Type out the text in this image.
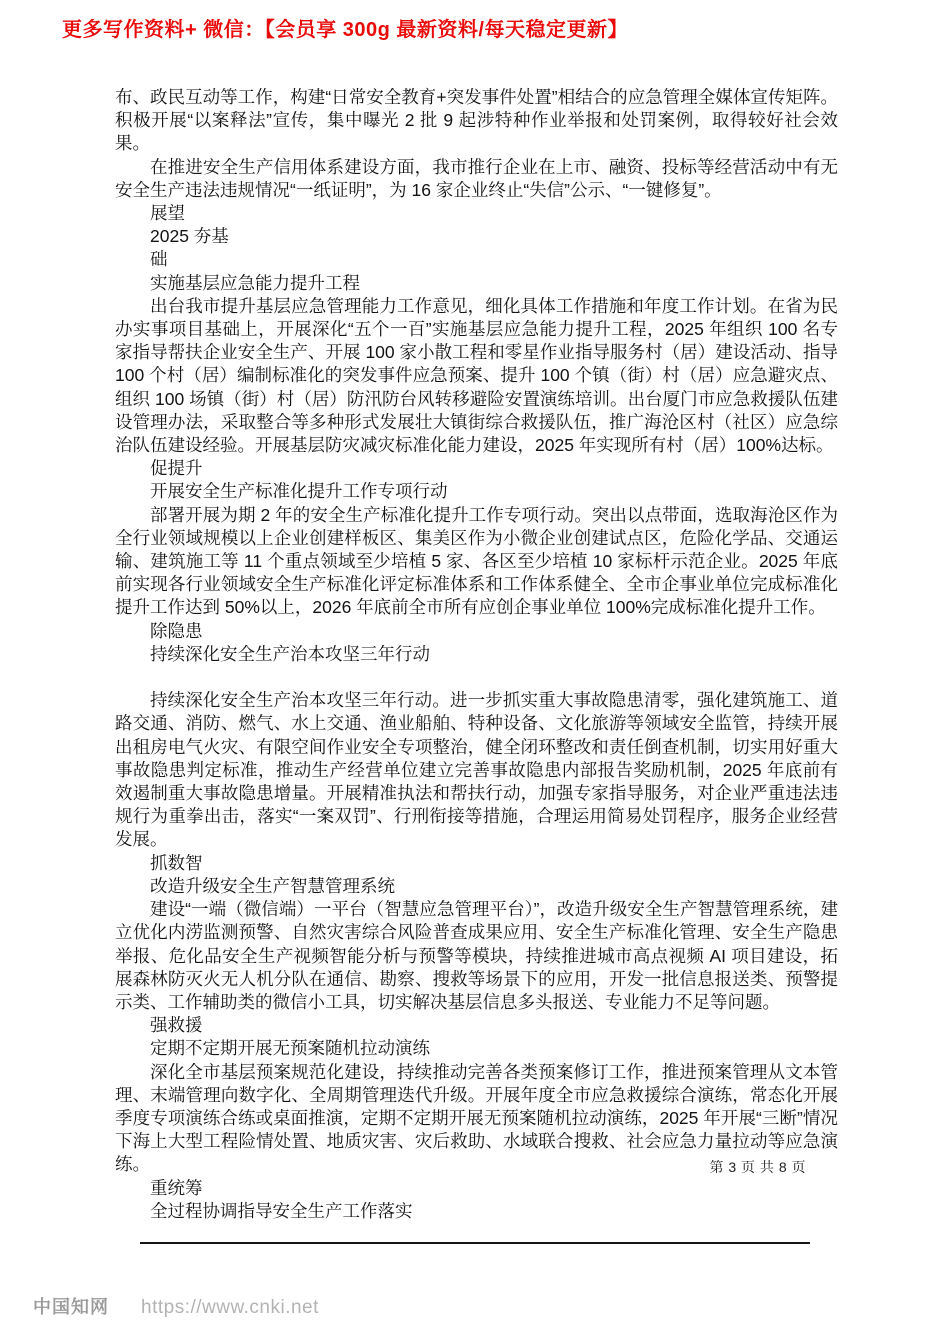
更多写作资料+ 微信：【会员享 300g 最新资料/每天稳定更新】

布、政民互动等工作，构建“日常安全教育+突发事件处置”相结合的应急管理全媒体宣传矩阵。积极开展“以案释法”宣传，集中曝光 2 批 9 起涉特种作业举报和处罚案例，取得较好社会效果。

在推进安全生产信用体系建设方面，我市推行企业在上市、融资、投标等经营活动中有无安全生产违法违规情况“一纸证明”，为 16 家企业终止“失信”公示、“一键修复”。

展望

2025 夯基

础

实施基层应急能力提升工程

出台我市提升基层应急管理能力工作意见，细化具体工作措施和年度工作计划。在省为民办实事项目基础上，开展深化“五个一百”实施基层应急能力提升工程，2025 年组织 100 名专家指导帮扶企业安全生产、开展 100 家小散工程和零星作业指导服务村（居）建设活动、指导 100 个村（居）编制标准化的突发事件应急预案、提升 100 个镇（街）村（居）应急避灾点、组织 100 场镇（街）村（居）防汛防台风转移避险安置演练培训。出台厦门市应急救援队伍建设管理办法，采取整合等多种形式发展壮大镇街综合救援队伍，推广海沧区村（社区）应急综治队伍建设经验。开展基层防灾减灾标准化能力建设，2025 年实现所有村（居）100%达标。

促提升

开展安全生产标准化提升工作专项行动

部署开展为期 2 年的安全生产标准化提升工作专项行动。突出以点带面，选取海沧区作为全行业领域规模以上企业创建样板区、集美区作为小微企业创建试点区，危险化学品、交通运输、建筑施工等 11 个重点领域至少培植 5 家、各区至少培植 10 家标杆示范企业。2025 年底前实现各行业领域安全生产标准化评定标准体系和工作体系健全、全市企事业单位完成标准化提升工作达到 50%以上，2026 年底前全市所有应创企事业单位 100%完成标准化提升工作。

除隐患

持续深化安全生产治本攻坚三年行动

持续深化安全生产治本攻坚三年行动。进一步抓实重大事故隐患清零，强化建筑施工、道路交通、消防、燃气、水上交通、渔业船舶、特种设备、文化旅游等领域安全监管，持续开展出租房电气火灾、有限空间作业安全专项整治，健全闭环整改和责任倒查机制，切实用好重大事故隐患判定标准，推动生产经营单位建立完善事故隐患内部报告奖励机制，2025 年底前有效遏制重大事故隐患增量。开展精准执法和帮扶行动，加强专家指导服务，对企业严重违法违规行为重拳出击，落实“一案双罚”、行刑衔接等措施，合理运用简易处罚程序，服务企业经营发展。

抓数智

改造升级安全生产智慧管理系统

建设“一端（微信端）一平台（智慧应急管理平台）”，改造升级安全生产智慧管理系统，建立优化内涝监测预警、自然灾害综合风险普查成果应用、安全生产标准化管理、安全生产隐患举报、危化品安全生产视频智能分析与预警等模块，持续推进城市高点视频 AI 项目建设，拓展森林防灭火无人机分队在通信、勘察、搜救等场景下的应用，开发一批信息报送类、预警提示类、工作辅助类的微信小工具，切实解决基层信息多头报送、专业能力不足等问题。

强救援

定期不定期开展无预案随机拉动演练

深化全市基层预案规范化建设，持续推动完善各类预案修订工作，推进预案管理从文本管理、末端管理向数字化、全周期管理迭代升级。开展年度全市应急救援综合演练，常态化开展季度专项演练合练或桌面推演，定期不定期开展无预案随机拉动演练，2025 年开展“三断”情况下海上大型工程险情处置、地质灾害、灾后救助、水域联合搜救、社会应急力量拉动等应急演练。

重统筹

全过程协调指导安全生产工作落实

第 3 页 共 8 页
中国知网 https://www.cnki.net
